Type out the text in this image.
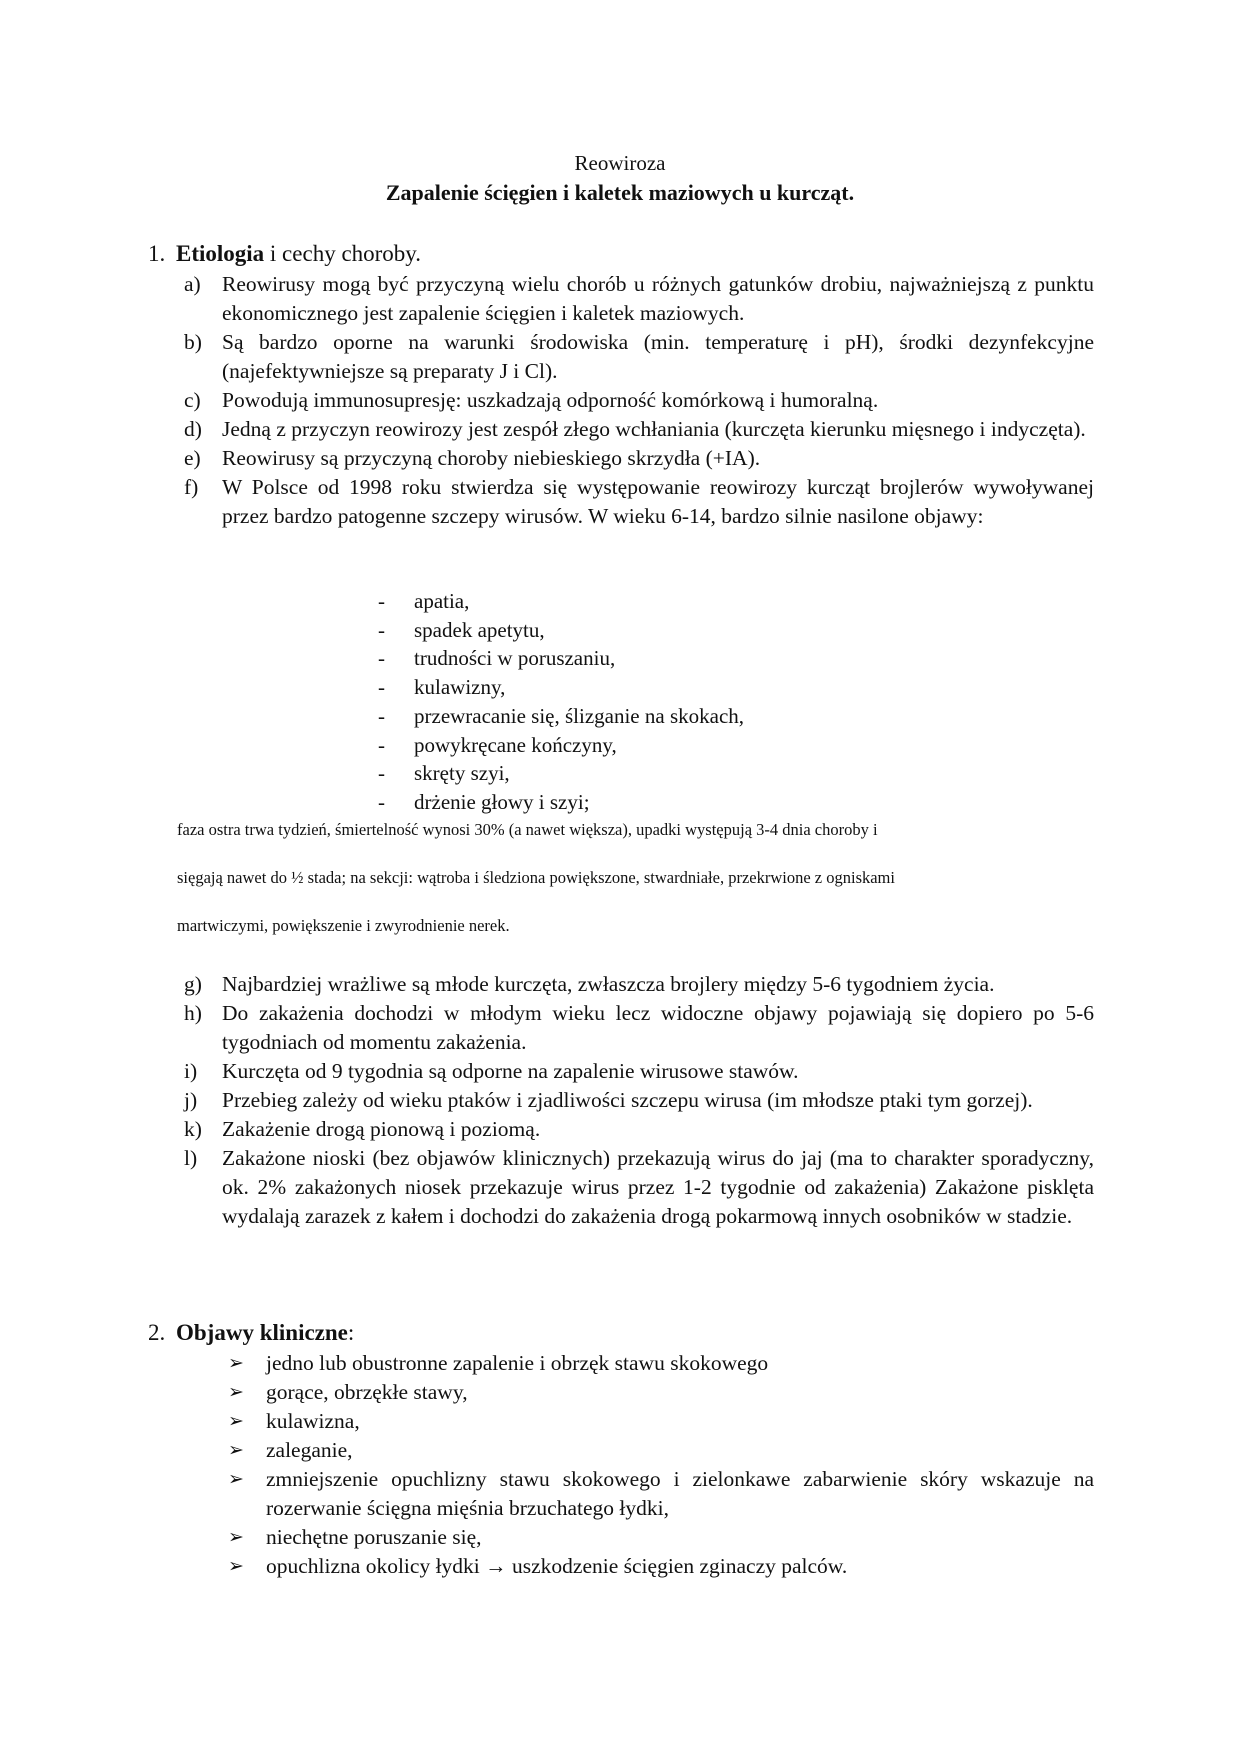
Reowiroza
Zapalenie ścięgien i kaletek maziowych u kurcząt.
1. Etiologia i cechy choroby.
a) Reowirusy mogą być przyczyną wielu chorób u różnych gatunków drobiu, najważniejszą z punktu ekonomicznego jest zapalenie ścięgien i kaletek maziowych.
b) Są bardzo oporne na warunki środowiska (min. temperaturę i pH), środki dezynfekcyjne (najefektywniejsze są preparaty J i Cl).
c) Powodują immunosupresję: uszkadzają odporność komórkową i humoralną.
d) Jedną z przyczyn reowirozy jest zespół złego wchłaniania (kurczęta kierunku mięsnego i indyczęta).
e) Reowirusy są przyczyną choroby niebieskiego skrzydła (+IA).
f)	W Polsce od 1998 roku stwierdza się występowanie reowirozy kurcząt brojlerów wywoływanej przez bardzo patogenne szczepy wirusów. W wieku 6-14, bardzo silnie nasilone objawy:
-	apatia,
-	spadek apetytu,
-	trudności w poruszaniu,
-	kulawizny,
-	przewracanie się, ślizganie na skokach,
-	powykręcane kończyny,
-	skręty szyi,
-	drżenie głowy i szyi;
faza ostra trwa tydzień, śmiertelność wynosi 30% (a nawet większa), upadki występują 3-4 dnia choroby i
sięgają nawet do ½ stada; na sekcji: wątroba i śledziona powiększone, stwardniałe, przekrwione z ogniskami
martwiczymi, powiększenie i zwyrodnienie nerek.
g) Najbardziej wrażliwe są młode kurczęta, zwłaszcza brojlery między 5-6 tygodniem życia.
h) Do zakażenia dochodzi w młodym wieku lecz widoczne objawy pojawiają się dopiero po 5-6 tygodniach od momentu zakażenia.
i)	Kurczęta od 9 tygodnia są odporne na zapalenie wirusowe stawów.
j)	Przebieg zależy od wieku ptaków i zjadliwości szczepu wirusa (im młodsze ptaki tym gorzej).
k) Zakażenie drogą pionową i poziomą.
l)	Zakażone nioski (bez objawów klinicznych) przekazują wirus do jaj (ma to charakter sporadyczny, ok. 2% zakażonych niosek przekazuje wirus przez 1-2 tygodnie od zakażenia) Zakażone pisklęta wydalają zarazek z kałem i dochodzi do zakażenia drogą pokarmową innych osobników w stadzie.
2. Objawy kliniczne:
➢	jedno lub obustronne zapalenie i obrzęk stawu skokowego
➢	gorące, obrzękłe stawy,
➢	kulawizna,
➢	zaleganie,
➢	zmniejszenie opuchlizny stawu skokowego i zielonkawe zabarwienie skóry wskazuje na rozerwanie ścięgna mięśnia brzuchatego łydki,
➢	niechętne poruszanie się,
➢	opuchlizna okolicy łydki → uszkodzenie ścięgien zginaczy palców.
